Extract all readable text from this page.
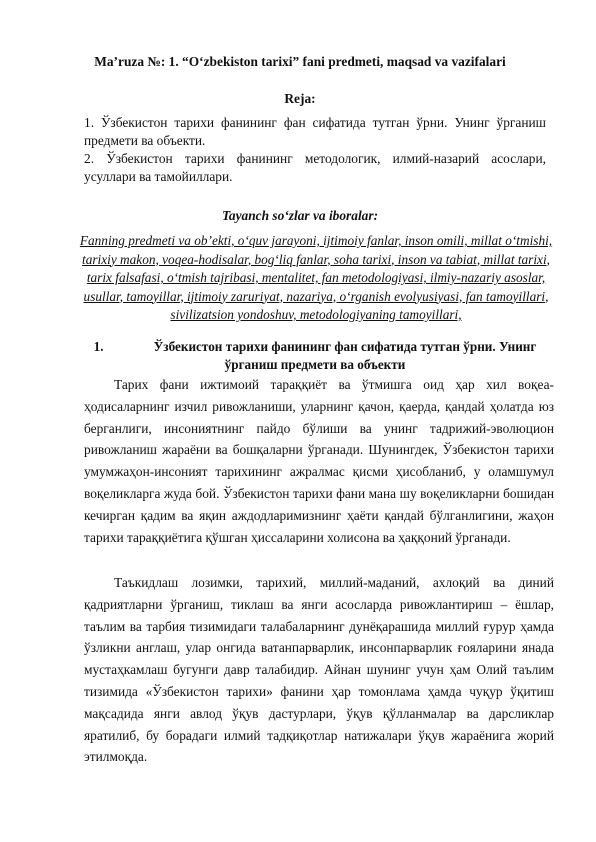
Ma’ruza №: 1. “O‘zbekiston tarixi” fani predmeti, maqsad va vazifalari
Reja:
1. Ўзбекистон тарихи фанининг фан сифатида тутган ўрни. Унинг ўрганиш предмети ва объекти.
2. Ўзбекистон тарихи фанининг методологик, илмий-назарий асослари, усуллари ва тамойиллари.
Tayanch so‘zlar va iboralar:
Fanning predmeti va ob’ekti, o‘quv jarayoni, ijtimoiy fanlar, inson omili, millat o‘tmishi, tarixiy makon, voqea-hodisalar, bog‘liq fanlar, soha tarixi, inson va tabiat, millat tarixi, tarix falsafasi, o‘tmish tajribasi, mentalitet, fan metodologiyasi, ilmiy-nazariy asoslar, usullar, tamoyillar, ijtimoiy zaruriyat, nazariya, o‘rganish evolyusiyasi, fan tamoyillari, sivilizatsion yondoshuv, metodologiyaning tamoyillari,
1.	Ўзбекистон тарихи фанининг фан сифатида тутган ўрни. Унинг ўрганиш предмети ва объекти
Тарих фани ижтимоий тараққиёт ва ўтмишга оид ҳар хил воқеа-ҳодисаларнинг изчил ривожланиши, уларнинг қачон, қаерда, қандай ҳолатда юз берганлиги, инсониятнинг пайдо бўлиши ва унинг тадрижий-эволюцион ривожланиш жараёни ва бошқаларни ўрганади. Шунингдек, Ўзбекистон тарихи умумжаҳон-инсоният тарихининг ажралмас қисми ҳисобланиб, у оламшумул воқеликларга жуда бой. Ўзбекистон тарихи фани мана шу воқеликларни бошидан кечирган қадим ва яқин аждодларимизнинг ҳаёти қандай бўлганлигини, жаҳон тарихи тараққиётига қўшган ҳиссаларини холисона ва ҳаққоний ўрганади.
Таъкидлаш лозимки, тарихий, миллий-маданий, ахлоқий ва диний қадриятларни ўрганиш, тиклаш ва янги асосларда ривожлантириш – ёшлар, таълим ва тарбия тизимидаги талабаларнинг дунёқарашида миллий ғурур ҳамда ўзликни англаш, улар онгида ватанпарварлик, инсонпарварлик ғояларини янада мустаҳкамлаш бугунги давр талабидир. Айнан шунинг учун ҳам Олий таълим тизимида «Ўзбекистон тарихи» фанини ҳар томонлама ҳамда чуқур ўқитиш мақсадида янги авлод ўқув дастурлари, ўқув қўлланмалар ва дарсликлар яратилиб, бу борадаги илмий тадқиқотлар натижалари ўқув жараёнига жорий этилмоқда.
